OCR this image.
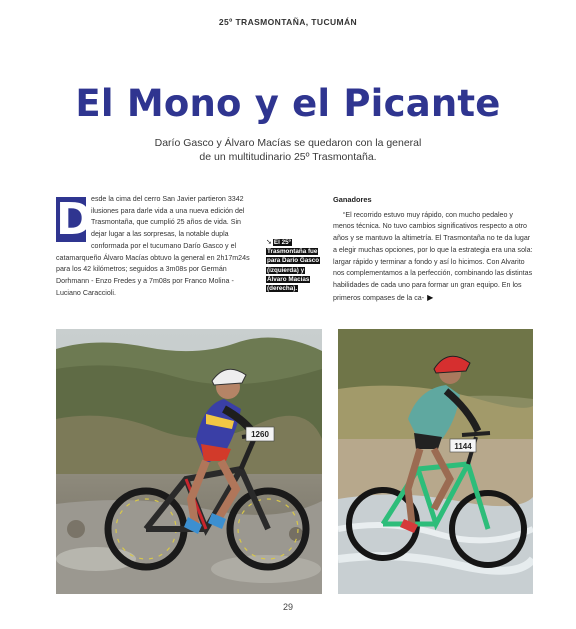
25º TRASMONTAÑA, TUCUMÁN
El Mono y el Picante
Darío Gasco y Álvaro Macías se quedaron con la general
de un multitudinario 25º Trasmontaña.
D
esde la cima del cerro San Javier partieron 3342 ilusiones para darle vida a una nueva edición del Trasmontaña, que cumplió 25 años de vida. Sin dejar lugar a las sorpresas, la notable dupla conformada por el tucumano Darío Gasco y el catamarqueño Álvaro Macías obtuvo la general en 2h17m24s para los 42 kilómetros; seguidos a 3m08s por Germán Dorhmann - Enzo Fredes y a 7m08s por Franco Molina - Luciano Caraccioli.
➘ El 25º Trasmontaña fue para Darío Gasco (izquierda) y Álvaro Macías (derecha).
Ganadores

“El recorrido estuvo muy rápido, con mucho pedaleo y menos técnica. No tuvo cambios significativos respecto a otro años y se mantuvo la altimetría. El Trasmontaña no te da lugar a elegir muchas opciones, por lo que la estrategia era una sola: largar rápido y terminar a fondo y así lo hicimos. Con Alvarito nos complementamos a la perfección, combinando las distintas habilidades de cada uno para formar un gran equipo. En los primeros compases de la ca- ▶

1260
1144
29
